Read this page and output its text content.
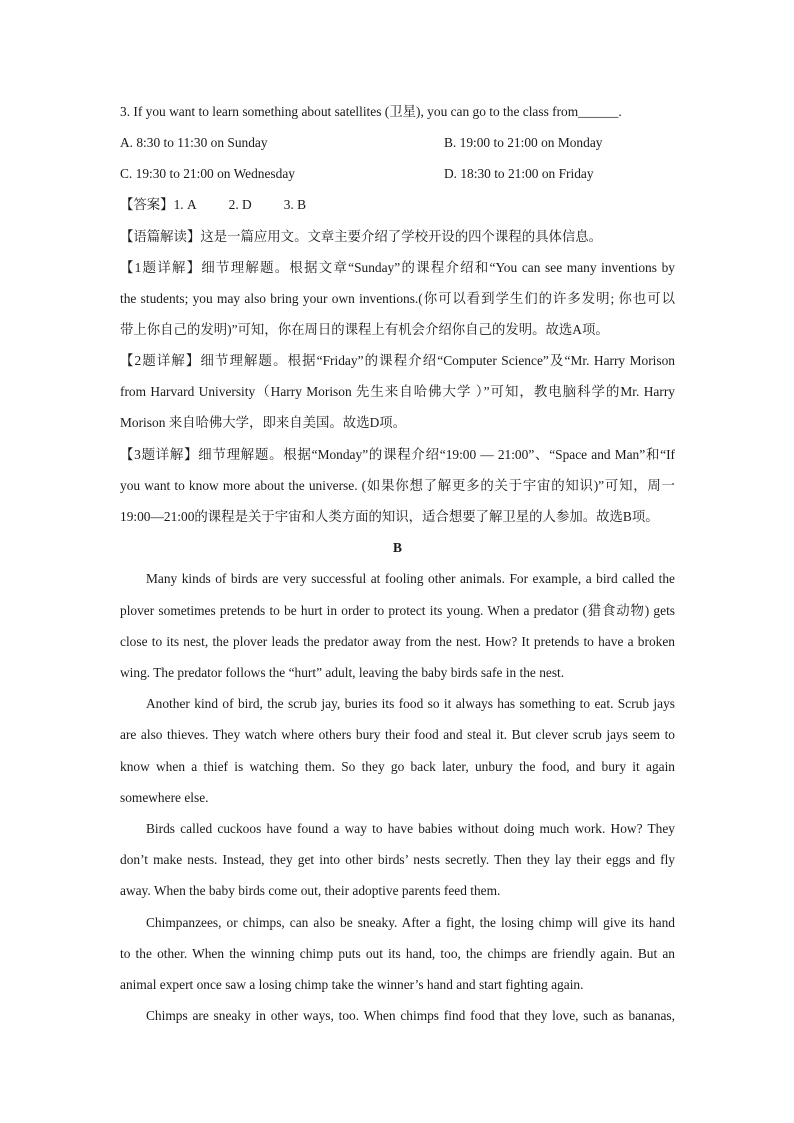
3. If you want to learn something about satellites (卫星), you can go to the class from______.
A. 8:30 to 11:30 on Sunday	B. 19:00 to 21:00 on Monday
C. 19:30 to 21:00 on Wednesday	D. 18:30 to 21:00 on Friday
【答案】1. A 2. D 3. B
【语篇解读】这是一篇应用文。文章主要介绍了学校开设的四个课程的具体信息。
【1题详解】细节理解题。根据文章“Sunday”的课程介绍和“You can see many inventions by
the students; you may also bring your own inventions.(你可以看到学生们的许多发明; 你也可以
带上你自己的发明)”可知，你在周日的课程上有机会介绍你自己的发明。故选A项。
【2题详解】细节理解题。根据“Friday”的课程介绍“Computer Science”及“Mr. Harry Morison
from Harvard University（Harry Morison 先生来自哈佛大学 ）”可知，教电脑科学的Mr. Harry
Morison 来自哈佛大学，即来自美国。故选D项。
【3题详解】细节理解题。根据“Monday”的课程介绍“19:00 — 21:00”、“Space and Man”和“If
you want to know more about the universe. (如果你想了解更多的关于宇宙的知识)”可知，周一
19:00—21:00的课程是关于宇宙和人类方面的知识，适合想要了解卫星的人参加。故选B项。
B
Many kinds of birds are very successful at fooling other animals. For example, a bird called the
plover sometimes pretends to be hurt in order to protect its young. When a predator (猎食动物) gets
close to its nest, the plover leads the predator away from the nest. How? It pretends to have a broken
wing. The predator follows the “hurt” adult, leaving the baby birds safe in the nest.
Another kind of bird, the scrub jay, buries its food so it always has something to eat. Scrub jays
are also thieves. They watch where others bury their food and steal it. But clever scrub jays seem to
know when a thief is watching them. So they go back later, unbury the food, and bury it again
somewhere else.
Birds called cuckoos have found a way to have babies without doing much work. How? They
don’t make nests. Instead, they get into other birds’ nests secretly. Then they lay their eggs and fly
away. When the baby birds come out, their adoptive parents feed them.
Chimpanzees, or chimps, can also be sneaky. After a fight, the losing chimp will give its hand
to the other. When the winning chimp puts out its hand, too, the chimps are friendly again. But an
animal expert once saw a losing chimp take the winner’s hand and start fighting again.
Chimps are sneaky in other ways, too. When chimps find food that they love, such as bananas,
